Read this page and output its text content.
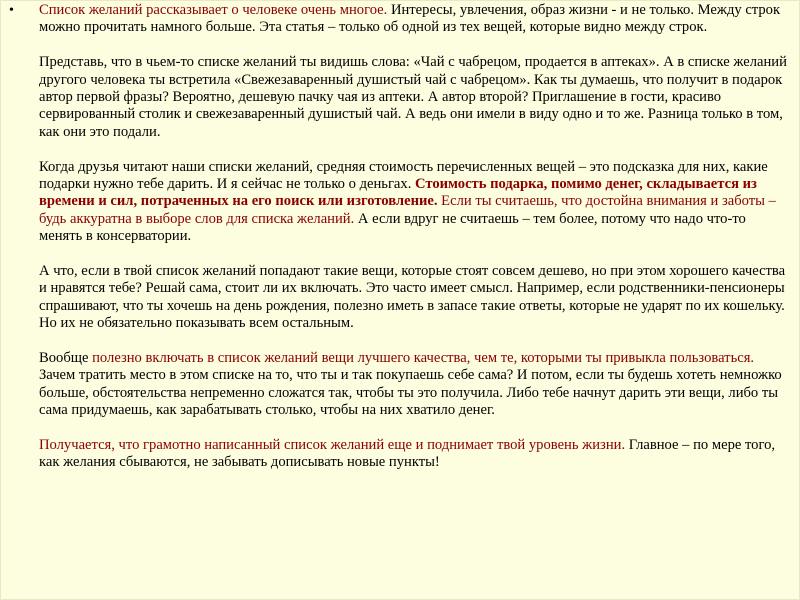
• Список желаний рассказывает о человеке очень многое. Интересы, увлечения, образ жизни - и не только. Между строк можно прочитать намного больше. Эта статья – только об одной из тех вещей, которые видно между строк.

Представь, что в чьем-то списке желаний ты видишь слова: «Чай с чабрецом, продается в аптеках». А в списке желаний другого человека ты встретила «Свежезаваренный душистый чай с чабрецом». Как ты думаешь, что получит в подарок автор первой фразы? Вероятно, дешевую пачку чая из аптеки. А автор второй? Приглашение в гости, красиво сервированный столик и свежезаваренный душистый чай. А ведь они имели в виду одно и то же. Разница только в том, как они это подали.

Когда друзья читают наши списки желаний, средняя стоимость перечисленных вещей – это подсказка для них, какие подарки нужно тебе дарить. И я сейчас не только о деньгах. Стоимость подарка, помимо денег, складывается из времени и сил, потраченных на его поиск или изготовление. Если ты считаешь, что достойна внимания и заботы – будь аккуратна в выборе слов для списка желаний. А если вдруг не считаешь – тем более, потому что надо что-то менять в консерватории.

А что, если в твой список желаний попадают такие вещи, которые стоят совсем дешево, но при этом хорошего качества и нравятся тебе? Решай сама, стоит ли их включать. Это часто имеет смысл. Например, если родственники-пенсионеры спрашивают, что ты хочешь на день рождения, полезно иметь в запасе такие ответы, которые не ударят по их кошельку. Но их не обязательно показывать всем остальным.

Вообще полезно включать в список желаний вещи лучшего качества, чем те, которыми ты привыкла пользоваться. Зачем тратить место в этом списке на то, что ты и так покупаешь себе сама? И потом, если ты будешь хотеть немножко больше, обстоятельства непременно сложатся так, чтобы ты это получила. Либо тебе начнут дарить эти вещи, либо ты сама придумаешь, как зарабатывать столько, чтобы на них хватило денег.

Получается, что грамотно написанный список желаний еще и поднимает твой уровень жизни. Главное – по мере того, как желания сбываются, не забывать дописывать новые пункты!
